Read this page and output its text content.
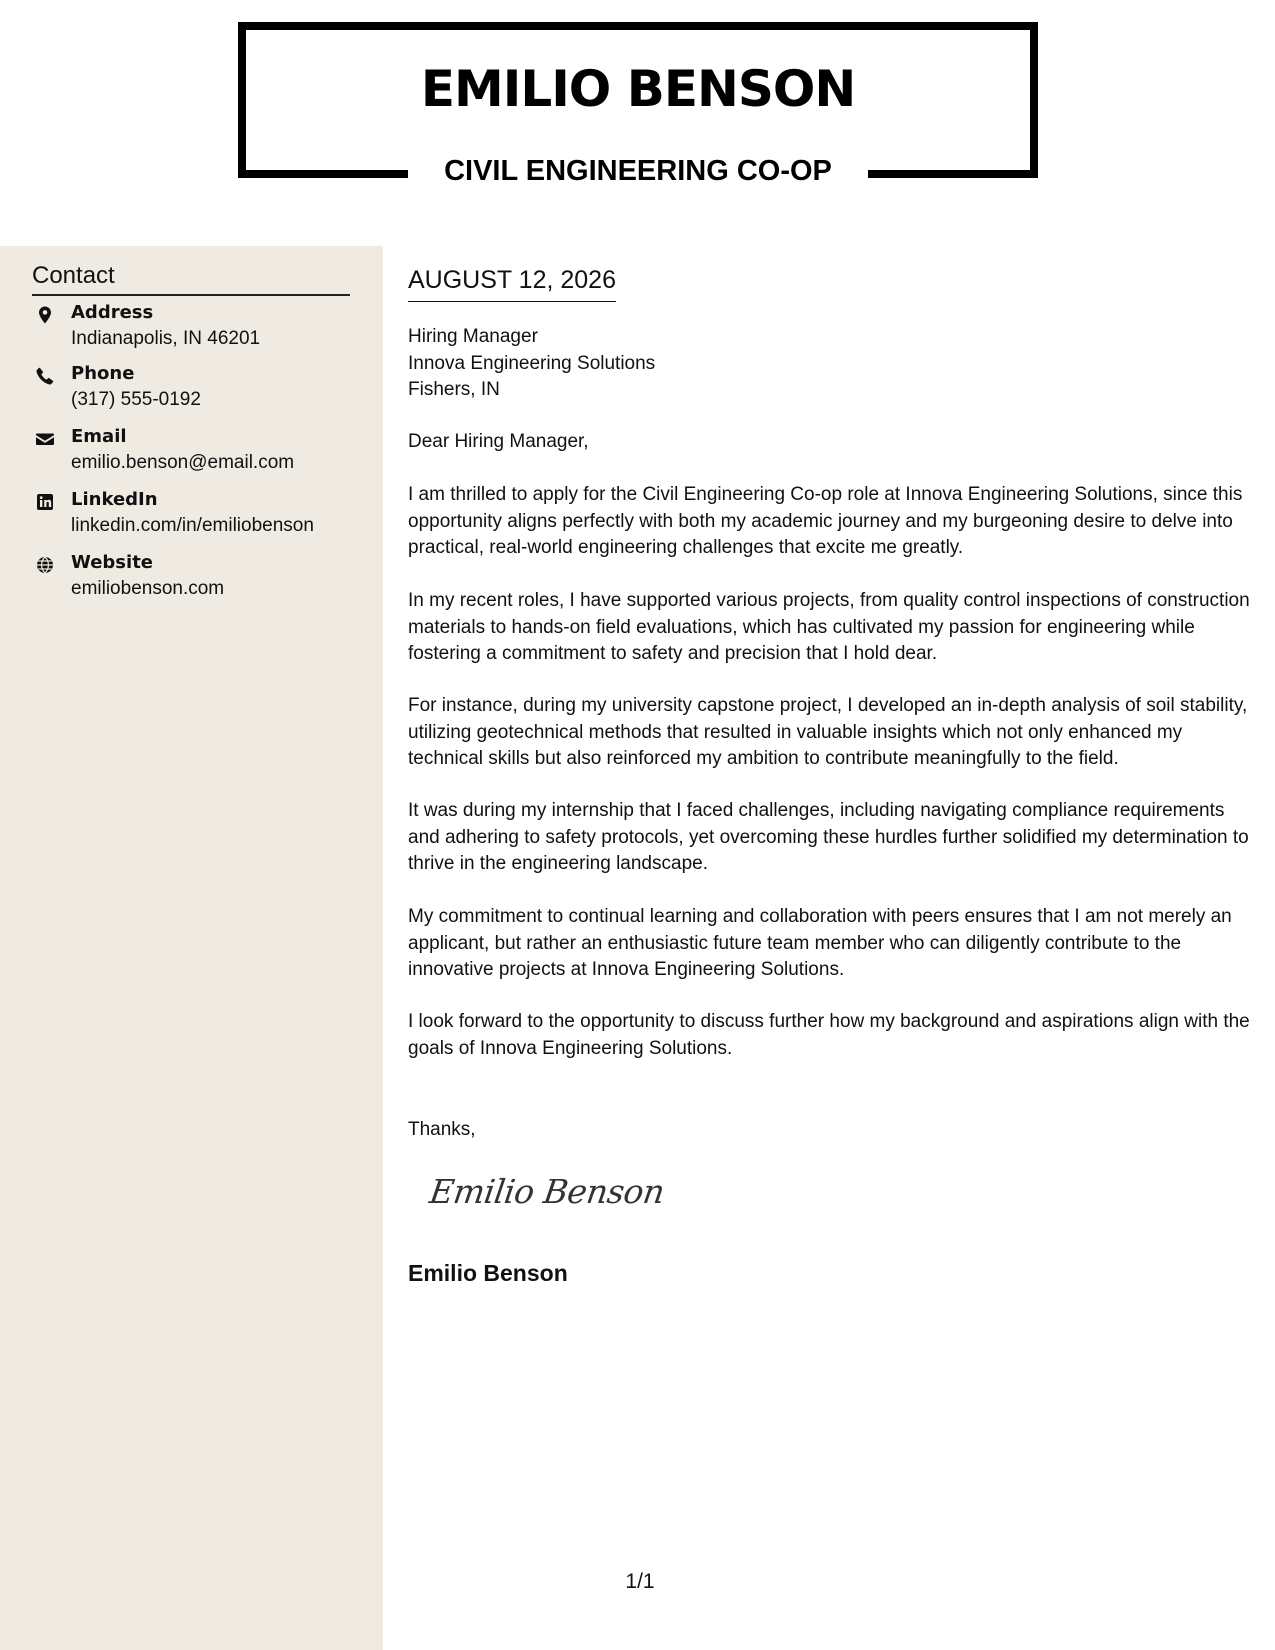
EMILIO BENSON
CIVIL ENGINEERING CO-OP
Contact
Address
Indianapolis, IN 46201
Phone
(317) 555-0192
Email
emilio.benson@email.com
LinkedIn
linkedin.com/in/emiliobenson
Website
emiliobenson.com
AUGUST 12, 2026
Hiring Manager
Innova Engineering Solutions
Fishers, IN

Dear Hiring Manager,

I am thrilled to apply for the Civil Engineering Co-op role at Innova Engineering Solutions, since this opportunity aligns perfectly with both my academic journey and my burgeoning desire to delve into practical, real-world engineering challenges that excite me greatly.

In my recent roles, I have supported various projects, from quality control inspections of construction materials to hands-on field evaluations, which has cultivated my passion for engineering while fostering a commitment to safety and precision that I hold dear.

For instance, during my university capstone project, I developed an in-depth analysis of soil stability, utilizing geotechnical methods that resulted in valuable insights which not only enhanced my technical skills but also reinforced my ambition to contribute meaningfully to the field.

It was during my internship that I faced challenges, including navigating compliance requirements and adhering to safety protocols, yet overcoming these hurdles further solidified my determination to thrive in the engineering landscape.

My commitment to continual learning and collaboration with peers ensures that I am not merely an applicant, but rather an enthusiastic future team member who can diligently contribute to the innovative projects at Innova Engineering Solutions.

I look forward to the opportunity to discuss further how my background and aspirations align with the goals of Innova Engineering Solutions.

Thanks,

Emilio Benson
Emilio Benson
1/1
